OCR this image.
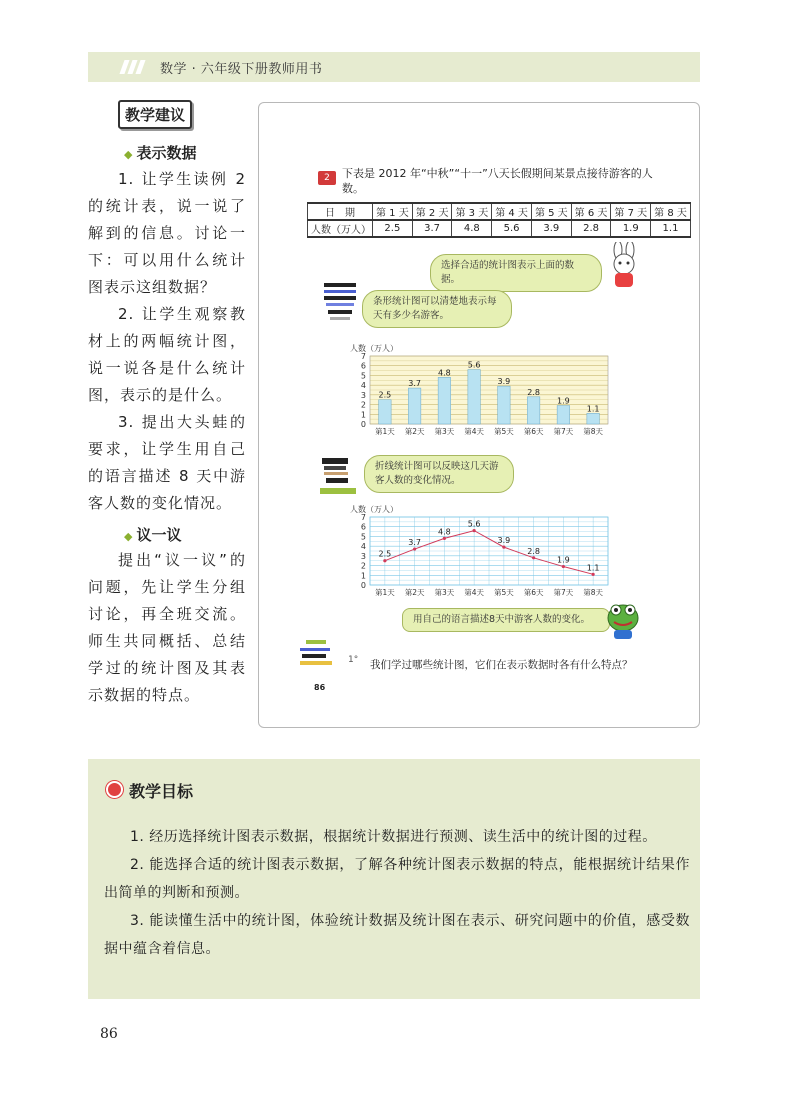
数学 · 六年级下册教师用书
教学建议
◆ 表示数据
1. 让学生读例 2 的统计表，说一说了解到的信息。讨论一下：可以用什么统计图表示这组数据？
2. 让学生观察教材上的两幅统计图，说一说各是什么统计图，表示的是什么。
3. 提出大头蛙的要求，让学生用自己的语言描述 8 天中游客人数的变化情况。
◆ 议一议
提出“议一议”的问题，先让学生分组讨论，再全班交流。师生共同概括、总结学过的统计图及其表示数据的特点。
2	下表是 2012 年“中秋”“十一”八天长假期间某景点接待游客的人数。
日　期	第 1 天	第 2 天	第 3 天	第 4 天	第 5 天	第 6 天	第 7 天	第 8 天
人数（万人）	2.5	3.7	4.8	5.6	3.9	2.8	1.9	1.1
选择合适的统计图表示上面的数据。
条形统计图可以清楚地表示每天有多少名游客。
人数（万人）
0
1
2
3
4
5
6
7
第1天 第2天 第3天 第4天 第5天 第6天 第7天 第8天
2.5
3.7
4.8
5.6
3.9
2.8
1.9
1.1
折线统计图可以反映这几天游客人数的变化情况。
人数（万人）
0
1
2
3
4
5
6
7
第1天 第2天 第3天 第4天 第5天 第6天 第7天 第8天
2.5
3.7
4.8
5.6
3.9
2.8
1.9
1.1
用自己的语言描述8天中游客人数的变化。
1° 我们学过哪些统计图，它们在表示数据时各有什么特点？
86
教学目标
1. 经历选择统计图表示数据，根据统计数据进行预测、读生活中的统计图的过程。
2. 能选择合适的统计图表示数据，了解各种统计图表示数据的特点，能根据统计结果作出简单的判断和预测。
3. 能读懂生活中的统计图，体验统计数据及统计图在表示、研究问题中的价值，感受数据中蕴含着信息。
86
